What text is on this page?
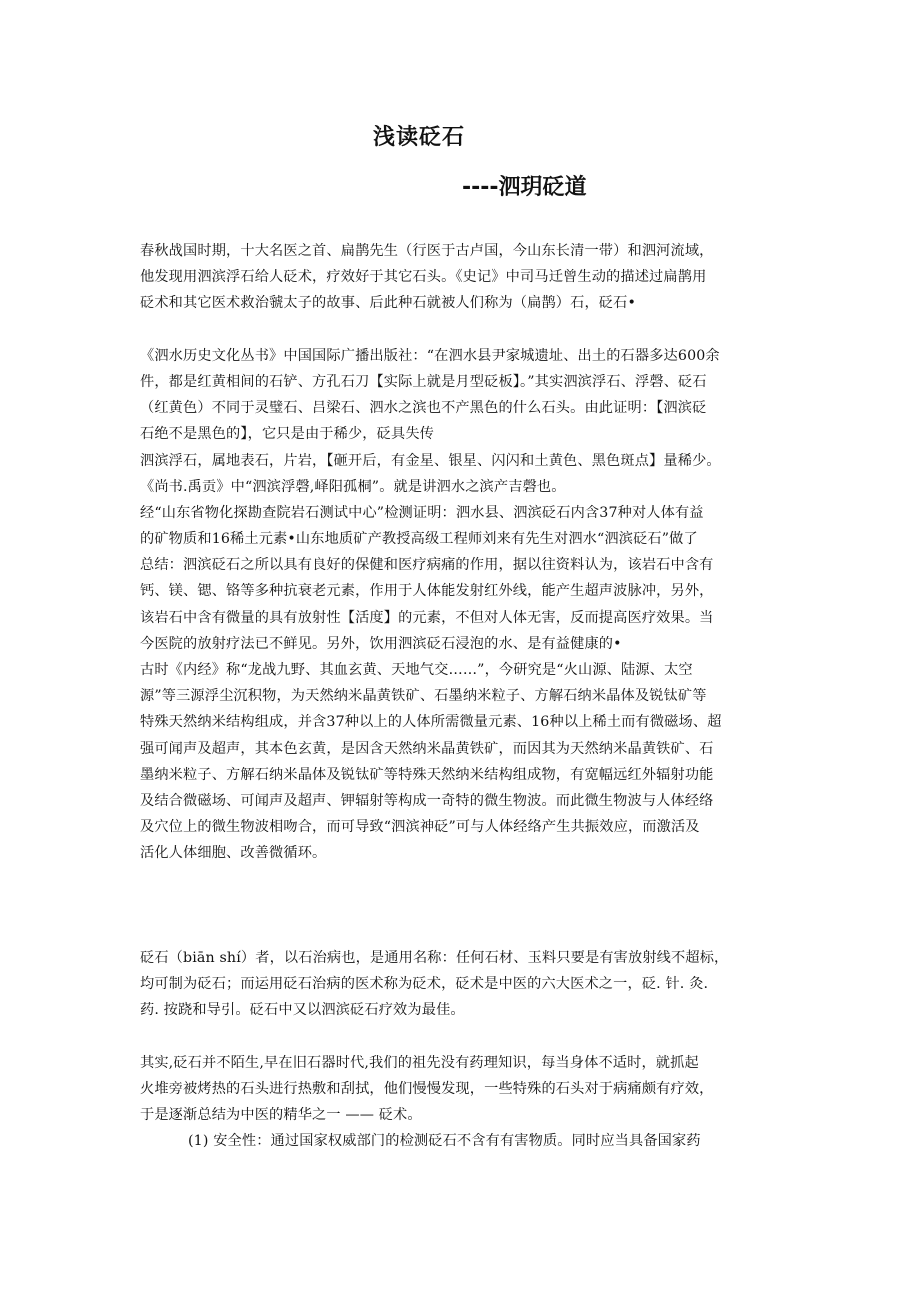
浅读砭石
----泗玥砭道
春秋战国时期，十大名医之首、扁鹊先生（行医于古卢国，今山东长清一带）和泗河流域，
他发现用泗滨浮石给人砭术，疗效好于其它石头。《史记》中司马迁曾生动的描述过扁鹊用
砭术和其它医术救治虢太子的故事、后此种石就被人们称为（扁鹊）石，砭石•
《泗水历史文化丛书》中国国际广播出版社：“在泗水县尹家城遗址、出土的石器多达600余
件，都是红黄相间的石铲、方孔石刀【实际上就是月型砭板】。”其实泗滨浮石、浮磬、砭石
（红黄色）不同于灵璧石、吕梁石、泗水之滨也不产黑色的什么石头。由此证明：【泗滨砭
石绝不是黑色的】，它只是由于稀少，砭具失传
泗滨浮石，属地表石，片岩，【砸开后，有金星、银星、闪闪和土黄色、黑色斑点】量稀少。
《尚书.禹贡》中“泗滨浮磬,峄阳孤桐”。就是讲泗水之滨产吉磬也。
经“山东省物化探勘查院岩石测试中心”检测证明：泗水县、泗滨砭石内含37种对人体有益
的矿物质和16稀土元素•山东地质矿产教授高级工程师刘来有先生对泗水“泗滨砭石”做了
总结：泗滨砭石之所以具有良好的保健和医疗病痛的作用，据以往资料认为，该岩石中含有
钙、镁、锶、铬等多种抗衰老元素，作用于人体能发射红外线，能产生超声波脉冲，另外，
该岩石中含有微量的具有放射性【活度】的元素，不但对人体无害，反而提高医疗效果。当
今医院的放射疗法已不鲜见。另外，饮用泗滨砭石浸泡的水、是有益健康的•
古时《内经》称“龙战九野、其血玄黄、天地气交……”，今研究是“火山源、陆源、太空
源”等三源浮尘沉积物，为天然纳米晶黄铁矿、石墨纳米粒子、方解石纳米晶体及锐钛矿等
特殊天然纳米结构组成，并含37种以上的人体所需微量元素、16种以上稀土而有微磁场、超
强可闻声及超声，其本色玄黄，是因含天然纳米晶黄铁矿，而因其为天然纳米晶黄铁矿、石
墨纳米粒子、方解石纳米晶体及锐钛矿等特殊天然纳米结构组成物，有宽幅远红外辐射功能
及结合微磁场、可闻声及超声、钾辐射等构成一奇特的微生物波。而此微生物波与人体经络
及穴位上的微生物波相吻合，而可导致“泗滨神砭”可与人体经络产生共振效应，而激活及
活化人体细胞、改善微循环。
砭石（biān shí）者，以石治病也，是通用名称：任何石材、玉料只要是有害放射线不超标，
均可制为砭石；而运用砭石治病的医术称为砭术，砭术是中医的六大医术之一，砭. 针. 灸.
药. 按跷和导引。砭石中又以泗滨砭石疗效为最佳。
其实,砭石并不陌生,早在旧石器时代,我们的祖先没有药理知识，每当身体不适时，就抓起
火堆旁被烤热的石头进行热敷和刮拭，他们慢慢发现，一些特殊的石头对于病痛颇有疗效，
于是逐渐总结为中医的精华之一 —— 砭术。
(1) 安全性：通过国家权威部门的检测砭石不含有有害物质。同时应当具备国家药
